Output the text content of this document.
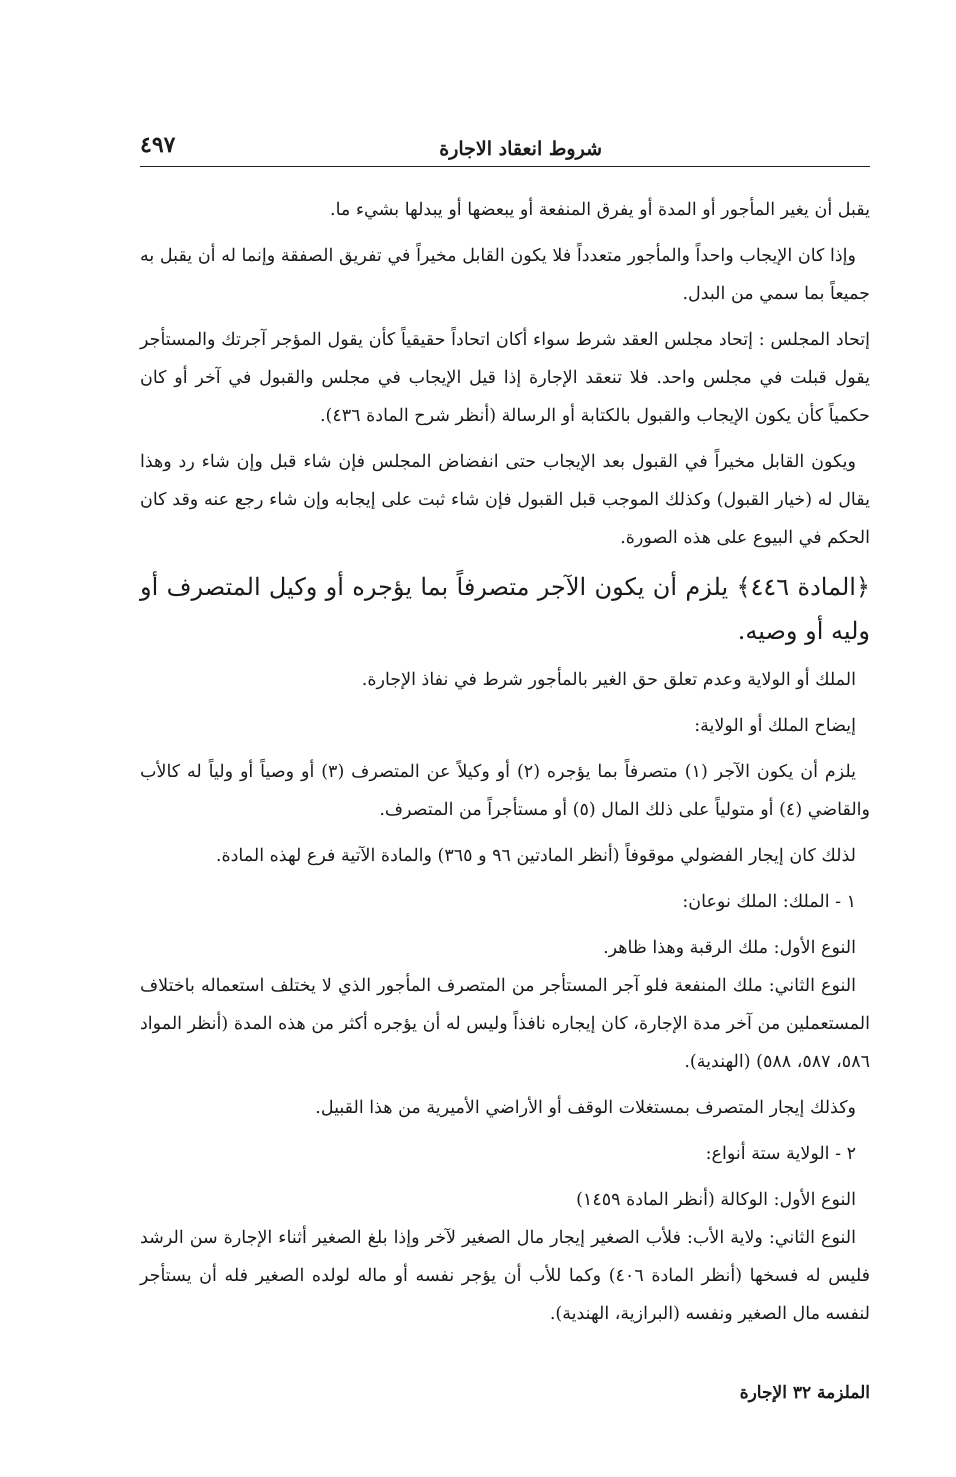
شروط انعقاد الاجارة
٤٩٧

يقبل أن يغير المأجور أو المدة أو يفرق المنفعة أو يبعضها أو يبدلها بشيء ما.

وإذا كان الإيجاب واحداً والمأجور متعدداً فلا يكون القابل مخيراً في تفريق الصفقة وإنما له أن يقبل به جميعاً بما سمي من البدل.

إتحاد المجلس : إتحاد مجلس العقد شرط سواء أكان اتحاداً حقيقياً كأن يقول المؤجر آجرتك والمستأجر يقول قبلت في مجلس واحد. فلا تنعقد الإجارة إذا قيل الإيجاب في مجلس والقبول في آخر أو كان حكمياً كأن يكون الإيجاب والقبول بالكتابة أو الرسالة (أنظر شرح المادة ٤٣٦).

ويكون القابل مخيراً في القبول بعد الإيجاب حتى انفضاض المجلس فإن شاء قبل وإن شاء رد وهذا يقال له (خيار القبول) وكذلك الموجب قبل القبول فإن شاء ثبت على إيجابه وإن شاء رجع عنه وقد كان الحكم في البيوع على هذه الصورة.

﴿المادة ٤٤٦﴾ يلزم أن يكون الآجر متصرفاً بما يؤجره أو وكيل المتصرف أو وليه أو وصيه.

الملك أو الولاية وعدم تعلق حق الغير بالمأجور شرط في نفاذ الإجارة.

إيضاح الملك أو الولاية:

يلزم أن يكون الآجر (١) متصرفاً بما يؤجره (٢) أو وكيلاً عن المتصرف (٣) أو وصياً أو ولياً له كالأب والقاضي (٤) أو متولياً على ذلك المال (٥) أو مستأجراً من المتصرف.

لذلك كان إيجار الفضولي موقوفاً (أنظر المادتين ٩٦ و ٣٦٥) والمادة الآتية فرع لهذه المادة.

١ - الملك: الملك نوعان:

النوع الأول: ملك الرقبة وهذا ظاهر.

النوع الثاني: ملك المنفعة فلو آجر المستأجر من المتصرف المأجور الذي لا يختلف استعماله باختلاف المستعملين من آخر مدة الإجارة، كان إيجاره نافذاً وليس له أن يؤجره أكثر من هذه المدة (أنظر المواد ٥٨٦، ٥٨٧، ٥٨٨) (الهندية).

وكذلك إيجار المتصرف بمستغلات الوقف أو الأراضي الأميرية من هذا القبيل.

٢ - الولاية ستة أنواع:

النوع الأول: الوكالة (أنظر المادة ١٤٥٩)

النوع الثاني: ولاية الأب: فلأب الصغير إيجار مال الصغير لآخر وإذا بلغ الصغير أثناء الإجارة سن الرشد فليس له فسخها (أنظر المادة ٤٠٦) وكما للأب أن يؤجر نفسه أو ماله لولده الصغير فله أن يستأجر لنفسه مال الصغير ونفسه (البرازية، الهندية).

الملزمة ٣٢ الإجارة
